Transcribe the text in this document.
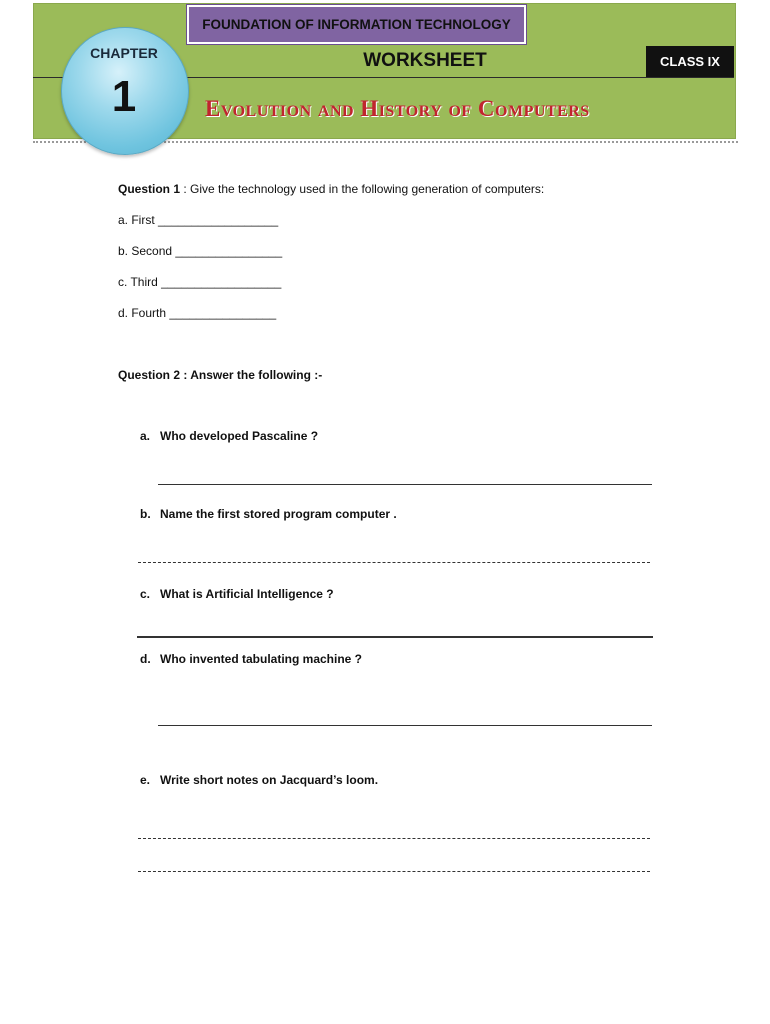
FOUNDATION OF INFORMATION TECHNOLOGY
CHAPTER
1
WORKSHEET	CLASS IX
Evolution and History of Computers
Question 1 : Give the technology used in the following generation of computers:
a. First __________________
b. Second ________________
c. Third __________________
d. Fourth ________________
Question 2 : Answer the following :-
a. Who developed Pascaline ?
b. Name the first stored program computer .
c. What is Artificial Intelligence ?
d. Who invented tabulating machine ?
e. Write short notes on Jacquard’s loom.
